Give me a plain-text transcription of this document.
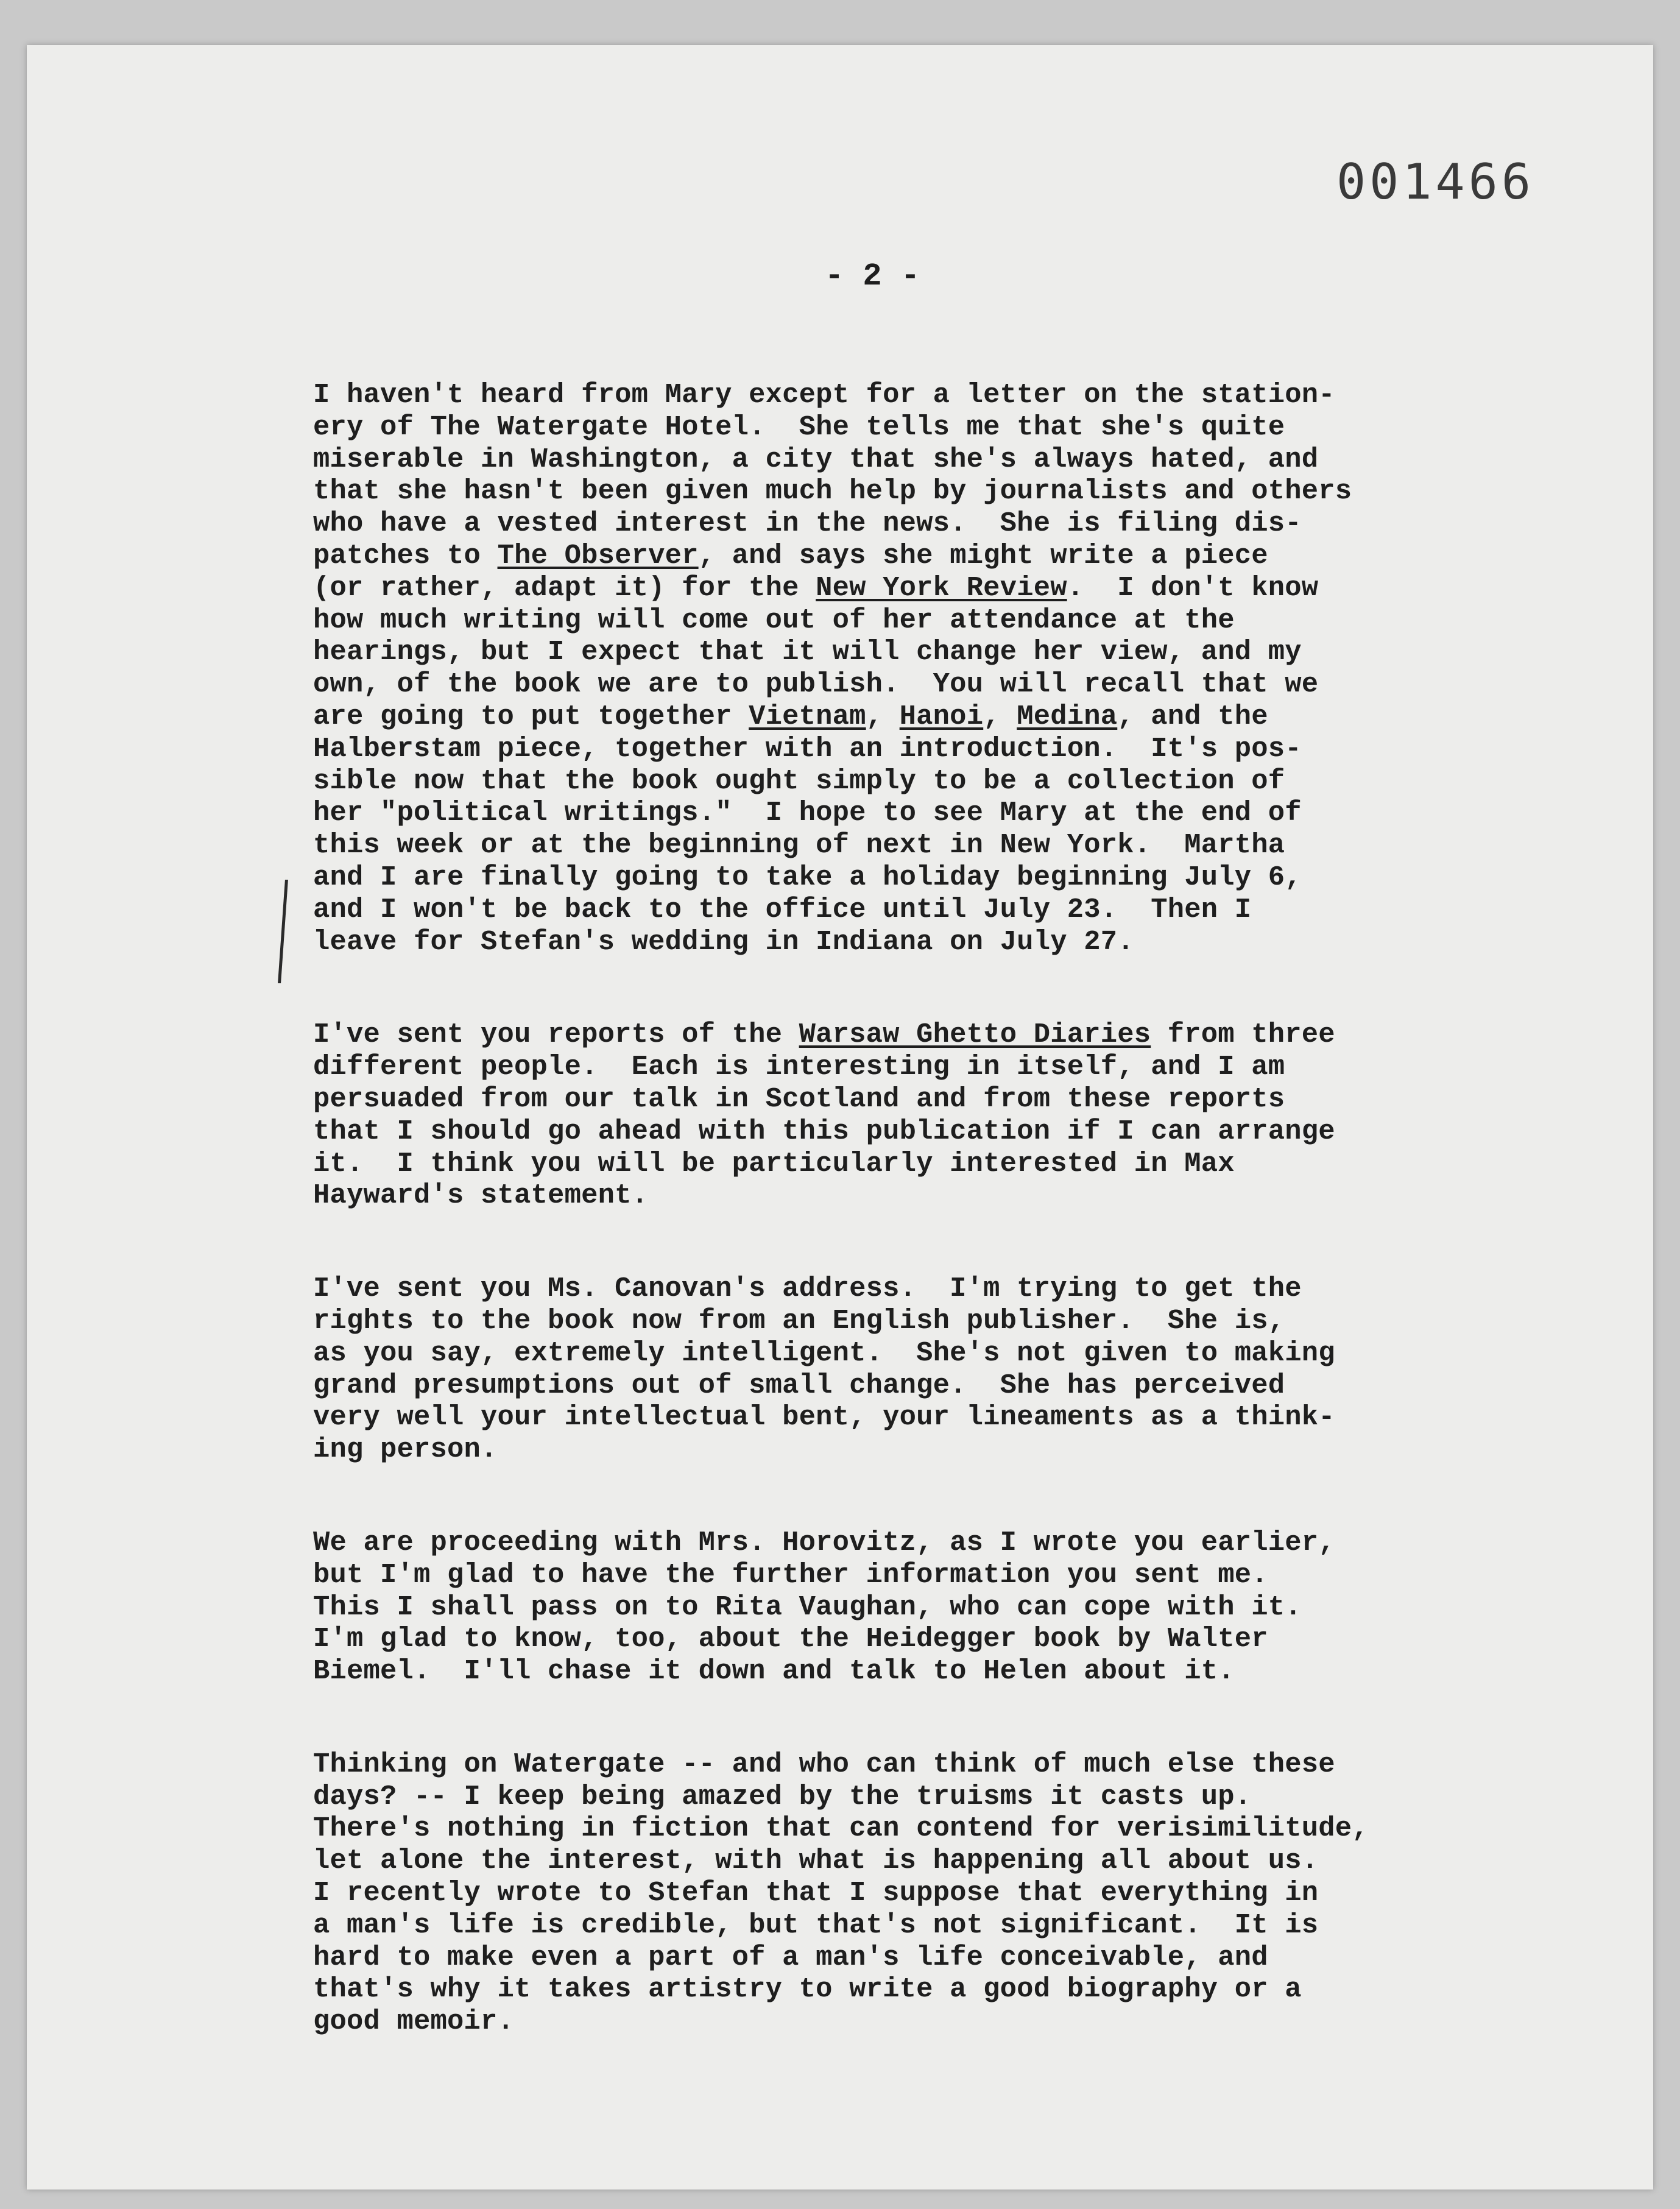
001466
- 2 -
I haven't heard from Mary except for a letter on the station-
ery of The Watergate Hotel.  She tells me that she's quite
miserable in Washington, a city that she's always hated, and
that she hasn't been given much help by journalists and others
who have a vested interest in the news.  She is filing dis-
patches to The Observer, and says she might write a piece
(or rather, adapt it) for the New York Review.  I don't know
how much writing will come out of her attendance at the
hearings, but I expect that it will change her view, and my
own, of the book we are to publish.  You will recall that we
are going to put together Vietnam, Hanoi, Medina, and the
Halberstam piece, together with an introduction.  It's pos-
sible now that the book ought simply to be a collection of
her "political writings."  I hope to see Mary at the end of
this week or at the beginning of next in New York.  Martha
and I are finally going to take a holiday beginning July 6,
and I won't be back to the office until July 23.  Then I
leave for Stefan's wedding in Indiana on July 27.
I've sent you reports of the Warsaw Ghetto Diaries from three
different people.  Each is interesting in itself, and I am
persuaded from our talk in Scotland and from these reports
that I should go ahead with this publication if I can arrange
it.  I think you will be particularly interested in Max
Hayward's statement.
I've sent you Ms. Canovan's address.  I'm trying to get the
rights to the book now from an English publisher.  She is,
as you say, extremely intelligent.  She's not given to making
grand presumptions out of small change.  She has perceived
very well your intellectual bent, your lineaments as a think-
ing person.
We are proceeding with Mrs. Horovitz, as I wrote you earlier,
but I'm glad to have the further information you sent me.
This I shall pass on to Rita Vaughan, who can cope with it.
I'm glad to know, too, about the Heidegger book by Walter
Biemel.  I'll chase it down and talk to Helen about it.
Thinking on Watergate -- and who can think of much else these
days? -- I keep being amazed by the truisms it casts up.
There's nothing in fiction that can contend for verisimilitude,
let alone the interest, with what is happening all about us.
I recently wrote to Stefan that I suppose that everything in
a man's life is credible, but that's not significant.  It is
hard to make even a part of a man's life conceivable, and
that's why it takes artistry to write a good biography or a
good memoir.
